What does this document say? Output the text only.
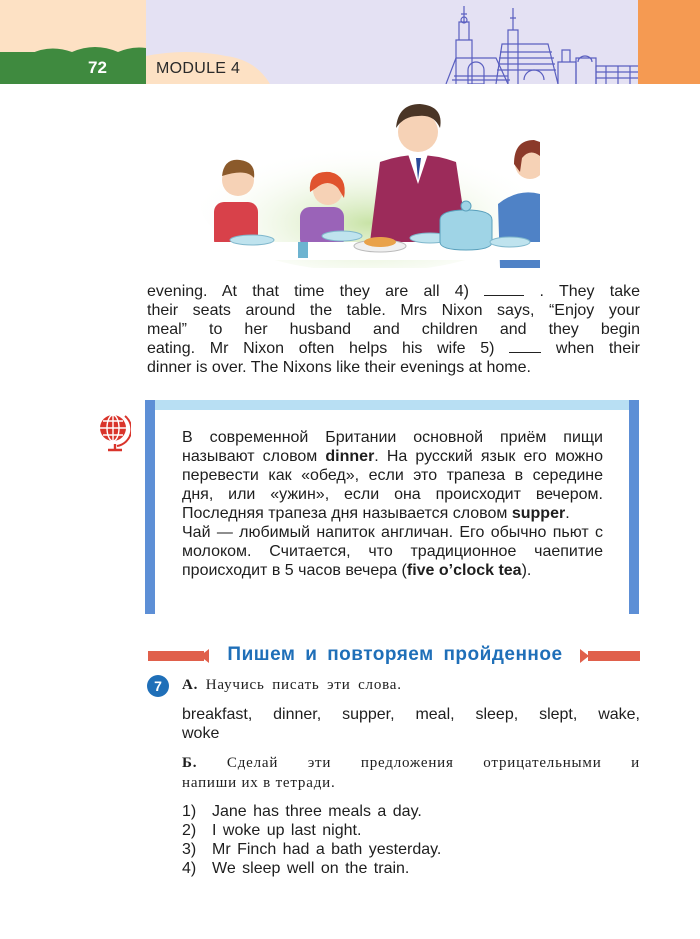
72	MODULE 4

evening. At that time they are all 4)	. They take

their seats around the table. Mrs Nixon says, “Enjoy your

meal” to her husband and children and they begin

eating. Mr Nixon often helps his wife 5)	when their

dinner is over. The Nixons like their evenings at home.

В современной Британии основной приём пищи называют словом dinner. На русский язык его можно перевести как «обед», если это трапеза в середине дня, или «ужин», если она происходит вечером. Последняя трапеза дня называется словом supper.

Чай — любимый напиток англичан. Его обычно пьют с молоком. Считается, что традиционное чаепитие происходит в 5 часов вечера (five o’clock tea).

Пишем и повторяем пройденное
7	А. Научись писать эти слова.

breakfast, dinner, supper, meal, sleep, slept, wake,

woke

Б. Сделай эти предложения отрицательными и

напиши их в тетради.

1) Jane has three meals a day.
2) I woke up last night.
3) Mr Finch had a bath yesterday.
4) We sleep well on the train.
